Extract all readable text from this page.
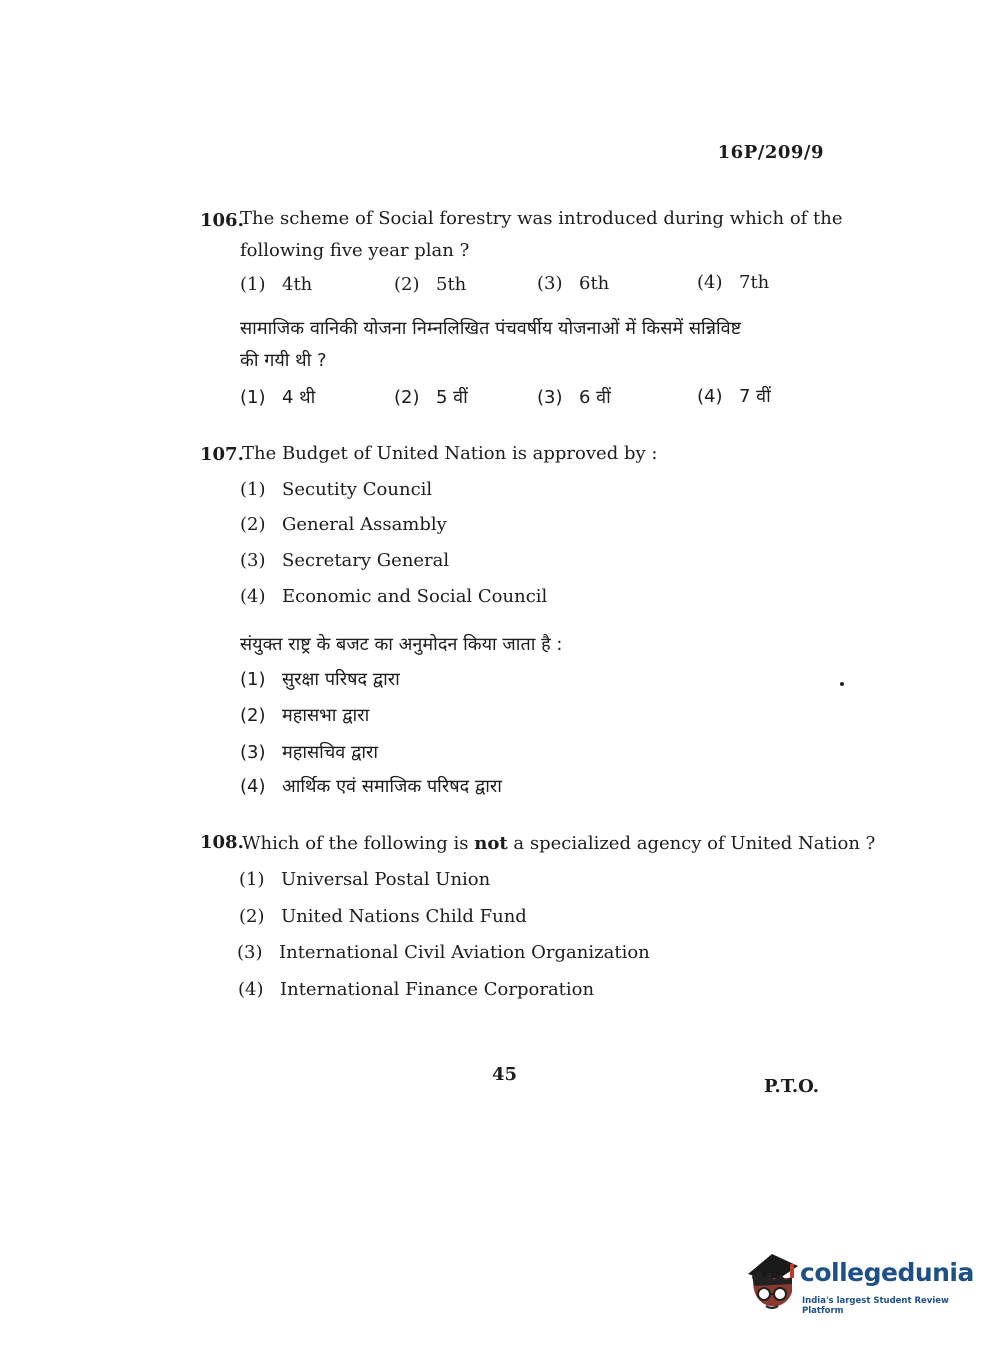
16P/209/9
106.
The scheme of Social forestry was introduced during which of the
following five year plan ?
(1) 4th	(2) 5th	(3) 6th	(4) 7th
सामाजिक वानिकी योजना निम्नलिखित पंचवर्षीय योजनाओं में किसमें सन्निविष्ट
की गयी थी ?
(1) 4 थी	(2) 5 वीं	(3) 6 वीं	(4) 7 वीं
107.
The Budget of United Nation is approved by :
(1) Secutity Council
(2) General Assambly
(3) Secretary General
(4) Economic and Social Council
संयुक्त राष्ट्र के बजट का अनुमोदन किया जाता है :
(1) सुरक्षा परिषद द्वारा
(2) महासभा द्वारा
(3) महासचिव द्वारा
(4) आर्थिक एवं समाजिक परिषद द्वारा
108.
Which of the following is not a specialized agency of United Nation ?
(1) Universal Postal Union
(2) United Nations Child Fund
(3) International Civil Aviation Organization
(4) International Finance Corporation
45
P.T.O.
collegedunia
India's largest Student Review Platform
